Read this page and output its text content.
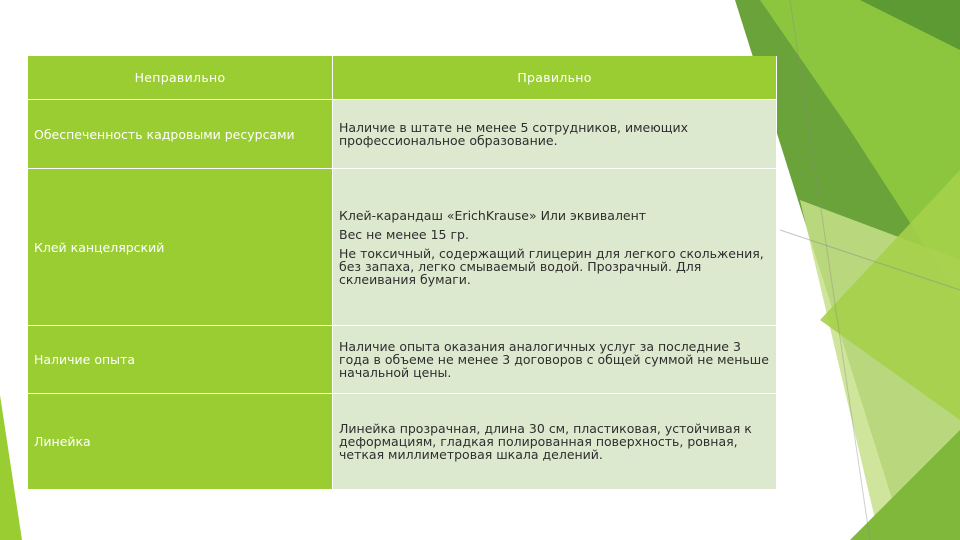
Неправильно	Правильно
Обеспеченность кадровыми ресурсами	Наличие в штате не менее 5 сотрудников, имеющих профессиональное образование.

Клей канцелярский	Клей-карандаш «ErichKrause» Или эквивалент

Вес не менее 15 гр.

Не токсичный, содержащий глицерин для легкого скольжения, без запаха, легко смываемый водой. Прозрачный. Для склеивания бумаги.

Наличие опыта	Наличие опыта оказания аналогичных услуг за последние 3 года в объеме не менее 3 договоров с общей суммой не меньше начальной цены.

Линейка	Линейка прозрачная, длина 30 см, пластиковая, устойчивая к деформациям, гладкая полированная поверхность, ровная, четкая миллиметровая шкала делений.
